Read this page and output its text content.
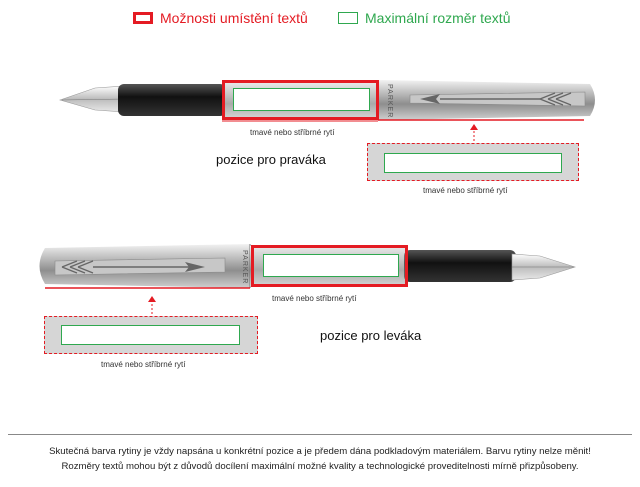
Možnosti umístění textů	Maximální rozměr textů
PARKER
PARKER
tmavé nebo stříbrné rytí
pozice pro praváka
tmavé nebo stříbrné rytí
tmavé nebo stříbrné rytí
pozice pro leváka
tmavé nebo stříbrné rytí
Skutečná barva rytiny je vždy napsána u konkrétní pozice a je předem dána podkladovým materiálem. Barvu rytiny nelze měnit!
Rozměry textů mohou být z důvodů docílení maximální možné kvality a technologické proveditelnosti mírně přizpůsobeny.
